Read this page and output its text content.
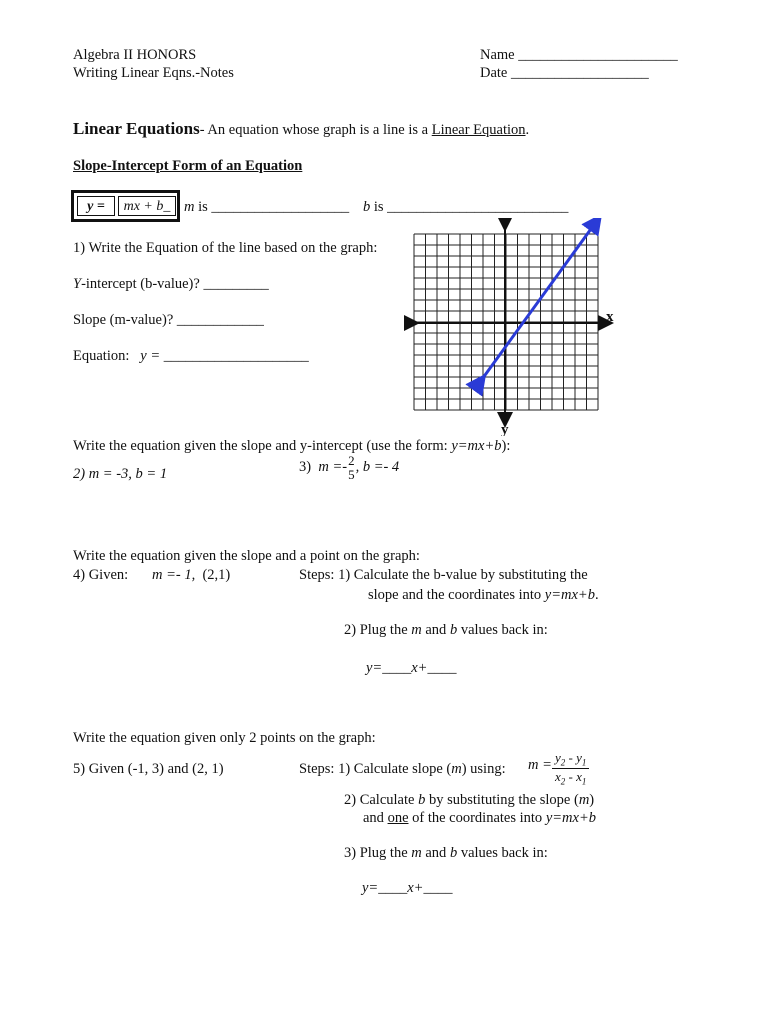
Algebra II HONORS
Writing Linear Eqns.-Notes
Name ______________________
Date ___________________
Linear Equations- An equation whose graph is a line is a Linear Equation.
Slope-Intercept Form of an Equation
y =	mx + b_ m is ___________________ b is _________________________
1) Write the Equation of the line based on the graph:
Y-intercept (b-value)? _________
Slope (m-value)? ____________
Equation: y = ____________________
x
y
Write the equation given the slope and y-intercept (use the form: y=mx+b):
2) m = -3, b = 1	3) m =- 2
5 , b =- 4
Write the equation given the slope and a point on the graph:
4) Given: m =- 1, (2,1)	Steps: 1) Calculate the b-value by substituting the
slope and the coordinates into y=mx+b.
2) Plug the m and b values back in:
y=____x+____
Write the equation given only 2 points on the graph:
5) Given (-1, 3) and (2, 1)	Steps: 1) Calculate slope (m) using: $m = y_2 - y_1$
$x_2 - x_1$
2) Calculate b by substituting the slope (m)
and one of the coordinates into y=mx+b
3) Plug the m and b values back in:
y=____x+____
